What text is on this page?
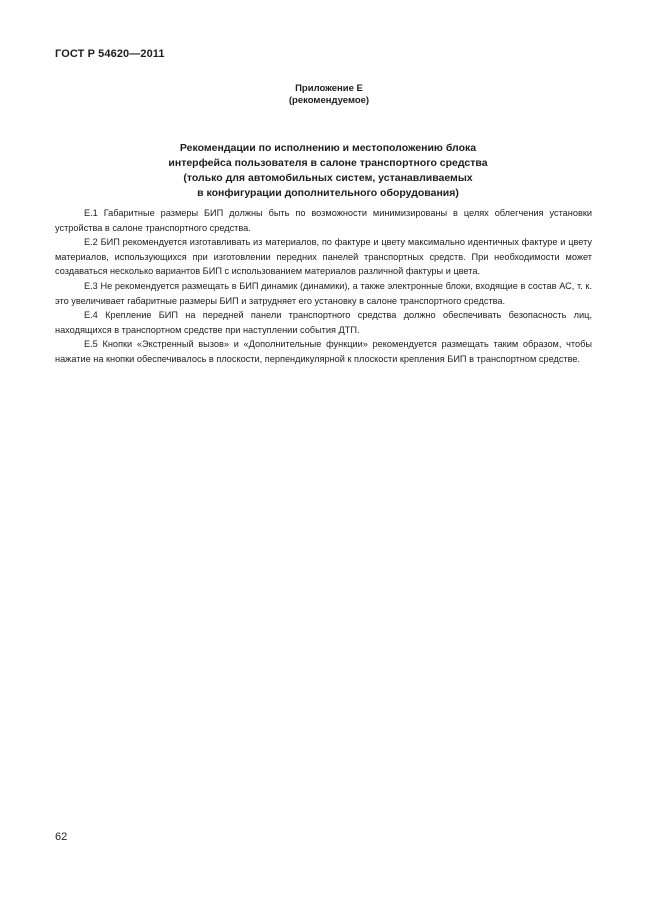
ГОСТ Р 54620—2011
Приложение Е
(рекомендуемое)
Рекомендации по исполнению и местоположению блока
интерфейса пользователя в салоне транспортного средства
(только для автомобильных систем, устанавливаемых
в конфигурации дополнительного оборудования)

Е.1 Габаритные размеры БИП должны быть по возможности минимизированы в целях облегчения установки устройства в салоне транспортного средства.

Е.2 БИП рекомендуется изготавливать из материалов, по фактуре и цвету максимально идентичных фактуре и цвету материалов, использующихся при изготовлении передних панелей транспортных средств. При необходимости может создаваться несколько вариантов БИП с использованием материалов различной фактуры и цвета.

Е.3 Не рекомендуется размещать в БИП динамик (динамики), а также электронные блоки, входящие в состав АС, т. к. это увеличивает габаритные размеры БИП и затрудняет его установку в салоне транспортного средства.

Е.4 Крепление БИП на передней панели транспортного средства должно обеспечивать безопасность лиц, находящихся в транспортном средстве при наступлении события ДТП.

Е.5 Кнопки «Экстренный вызов» и «Дополнительные функции» рекомендуется размещать таким образом, чтобы нажатие на кнопки обеспечивалось в плоскости, перпендикулярной к плоскости крепления БИП в транспортном средстве.

62
